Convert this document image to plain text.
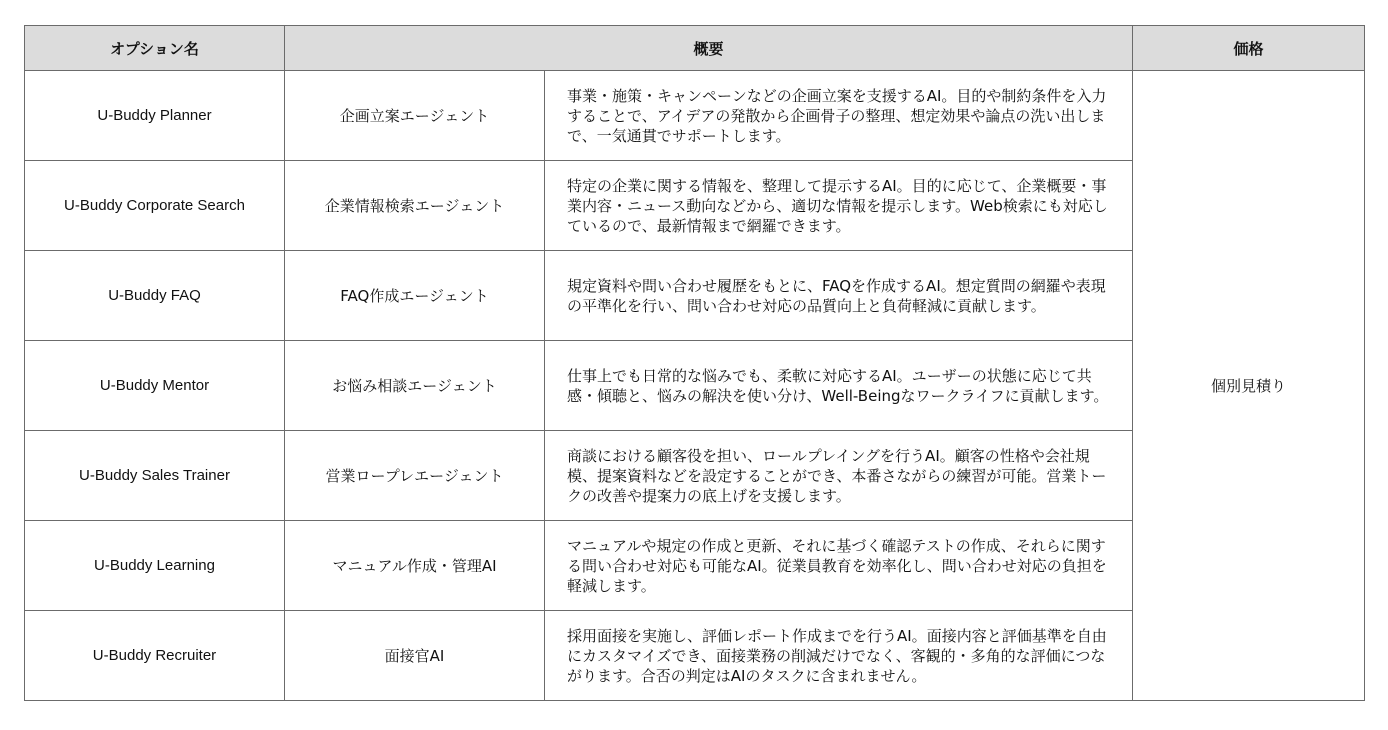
オプション名	概要		価格
U-Buddy Planner	企画立案エージェント	事業・施策・キャンペーンなどの企画立案を支援するAI。目的や制約条件を入力することで、アイデアの発散から企画骨子の整理、想定効果や論点の洗い出しまで、一気通貫でサポートします。	個別見積り
U-Buddy Corporate Search	企業情報検索エージェント	特定の企業に関する情報を、整理して提示するAI。目的に応じて、企業概要・事業内容・ニュース動向などから、適切な情報を提示します。Web検索にも対応しているので、最新情報まで網羅できます。	
U-Buddy FAQ	FAQ作成エージェント	規定資料や問い合わせ履歴をもとに、FAQを作成するAI。想定質問の網羅や表現の平準化を行い、問い合わせ対応の品質向上と負荷軽減に貢献します。	
U-Buddy Mentor	お悩み相談エージェント	仕事上でも日常的な悩みでも、柔軟に対応するAI。ユーザーの状態に応じて共感・傾聴と、悩みの解決を使い分け、Well-Beingなワークライフに貢献します。	
U-Buddy Sales Trainer	営業ロープレエージェント	商談における顧客役を担い、ロールプレイングを行うAI。顧客の性格や会社規模、提案資料などを設定することができ、本番さながらの練習が可能。営業トークの改善や提案力の底上げを支援します。	
U-Buddy Learning	マニュアル作成・管理AI	マニュアルや規定の作成と更新、それに基づく確認テストの作成、それらに関する問い合わせ対応も可能なAI。従業員教育を効率化し、問い合わせ対応の負担を軽減します。	
U-Buddy Recruiter	面接官AI	採用面接を実施し、評価レポート作成までを行うAI。面接内容と評価基準を自由にカスタマイズでき、面接業務の削減だけでなく、客観的・多角的な評価につながります。合否の判定はAIのタスクに含まれません。	
